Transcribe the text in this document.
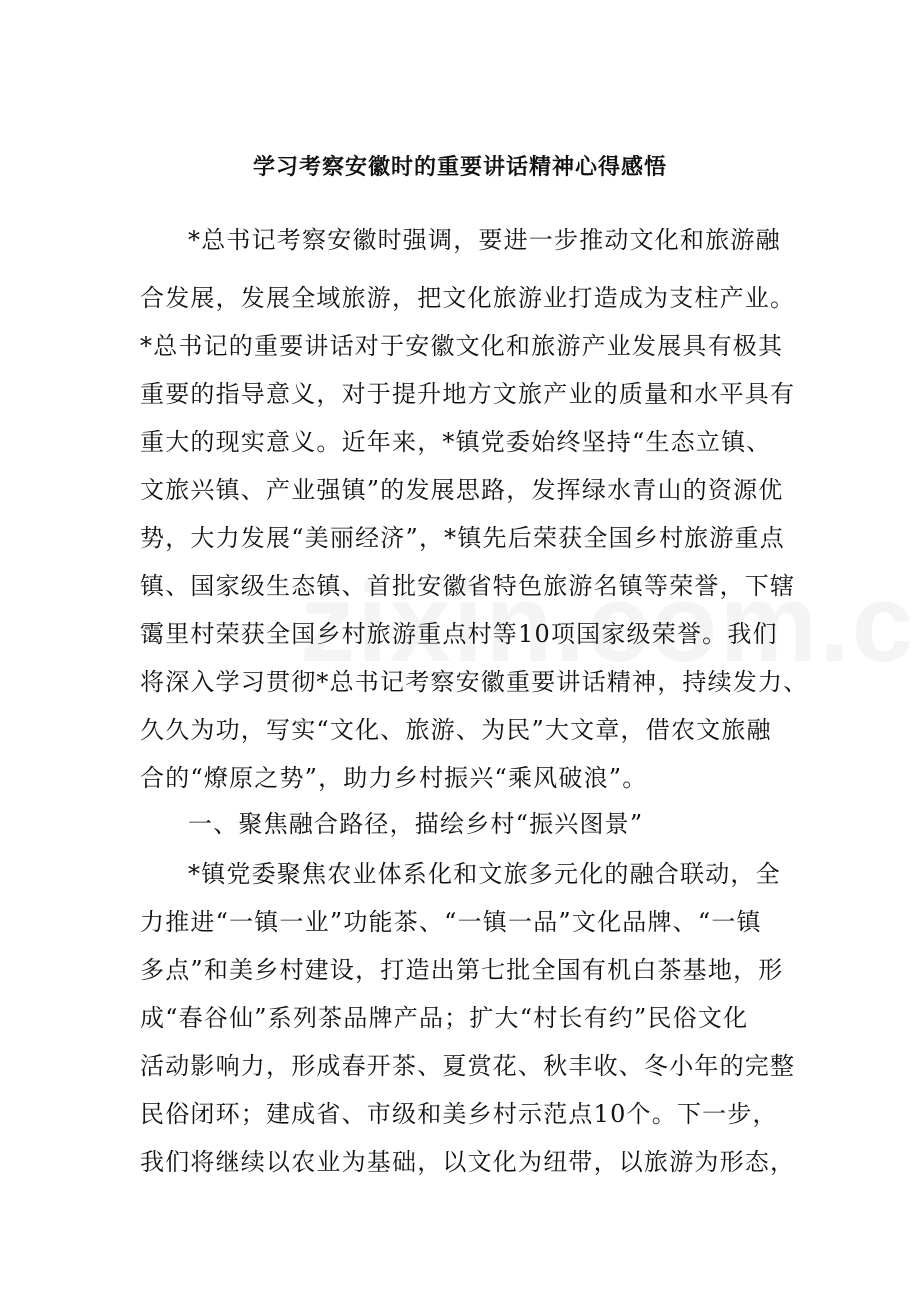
学习考察安徽时的重要讲话精神心得感悟
*总书记考察安徽时强调，要进一步推动文化和旅游融
合发展，发展全域旅游，把文化旅游业打造成为支柱产业。
*总书记的重要讲话对于安徽文化和旅游产业发展具有极其
重要的指导意义，对于提升地方文旅产业的质量和水平具有
重大的现实意义。近年来，*镇党委始终坚持“生态立镇、
文旅兴镇、产业强镇”的发展思路，发挥绿水青山的资源优
势，大力发展“美丽经济”，*镇先后荣获全国乡村旅游重点
镇、国家级生态镇、首批安徽省特色旅游名镇等荣誉，下辖
霭里村荣获全国乡村旅游重点村等10项国家级荣誉。我们
将深入学习贯彻*总书记考察安徽重要讲话精神，持续发力、
久久为功，写实“文化、旅游、为民”大文章，借农文旅融
合的“燎原之势”，助力乡村振兴“乘风破浪”。
一、聚焦融合路径，描绘乡村“振兴图景”
*镇党委聚焦农业体系化和文旅多元化的融合联动，全
力推进“一镇一业”功能茶、“一镇一品”文化品牌、“一镇
多点”和美乡村建设，打造出第七批全国有机白茶基地，形
成“春谷仙”系列茶品牌产品；扩大“村长有约”民俗文化
活动影响力，形成春开茶、夏赏花、秋丰收、冬小年的完整
民俗闭环；建成省、市级和美乡村示范点10个。下一步，
我们将继续以农业为基础，以文化为纽带，以旅游为形态，
